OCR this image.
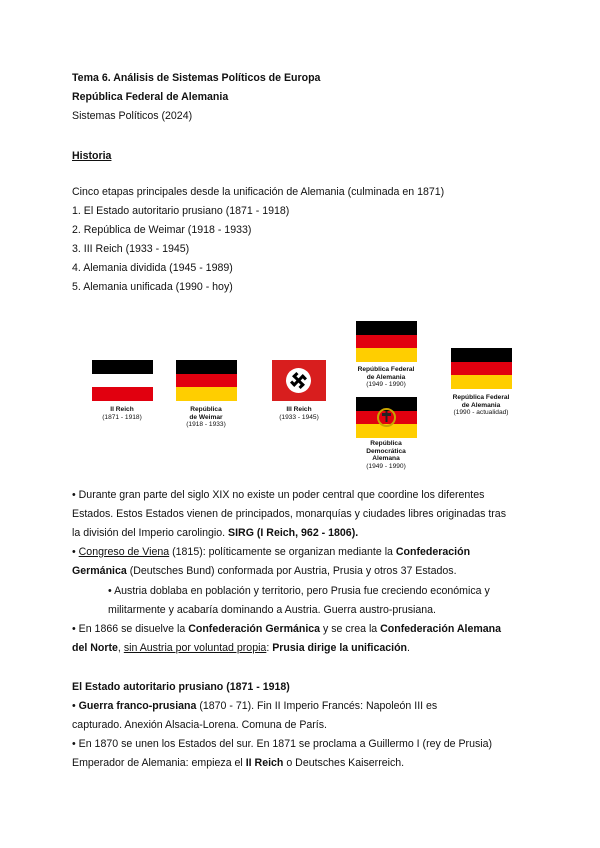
Tema 6. Análisis de Sistemas Políticos de Europa
República Federal de Alemania
Sistemas Políticos (2024)
Historia
Cinco etapas principales desde la unificación de Alemania (culminada en 1871)
1. El Estado autoritario prusiano (1871 - 1918)
2. República de Weimar (1918 - 1933)
3. III Reich (1933 - 1945)
4. Alemania dividida (1945 - 1989)
5. Alemania unificada (1990 - hoy)
II Reich
(1871 - 1918)
República
de Weimar
(1918 - 1933)
III Reich
(1933 - 1945)
República Federal
de Alemania
(1949 - 1990)
República
Democrática
Alemana
(1949 - 1990)
República Federal
de Alemania
(1990 - actualidad)
• Durante gran parte del siglo XIX no existe un poder central que coordine los diferentes
Estados. Estos Estados vienen de principados, monarquías y ciudades libres originadas tras
la división del Imperio carolingio. SIRG (I Reich, 962 - 1806).
• Congreso de Viena (1815): políticamente se organizan mediante la Confederación
Germánica (Deutsches Bund) conformada por Austria, Prusia y otros 37 Estados.
• Austria doblaba en población y territorio, pero Prusia fue creciendo económica y
militarmente y acabaría dominando a Austria. Guerra austro-prusiana.
• En 1866 se disuelve la Confederación Germánica y se crea la Confederación Alemana
del Norte, sin Austria por voluntad propia: Prusia dirige la unificación.
El Estado autoritario prusiano (1871 - 1918)
• Guerra franco-prusiana (1870 - 71). Fin II Imperio Francés: Napoleón III es
capturado. Anexión Alsacia-Lorena. Comuna de París.
• En 1870 se unen los Estados del sur. En 1871 se proclama a Guillermo I (rey de Prusia)
Emperador de Alemania: empieza el II Reich o Deutsches Kaiserreich.
